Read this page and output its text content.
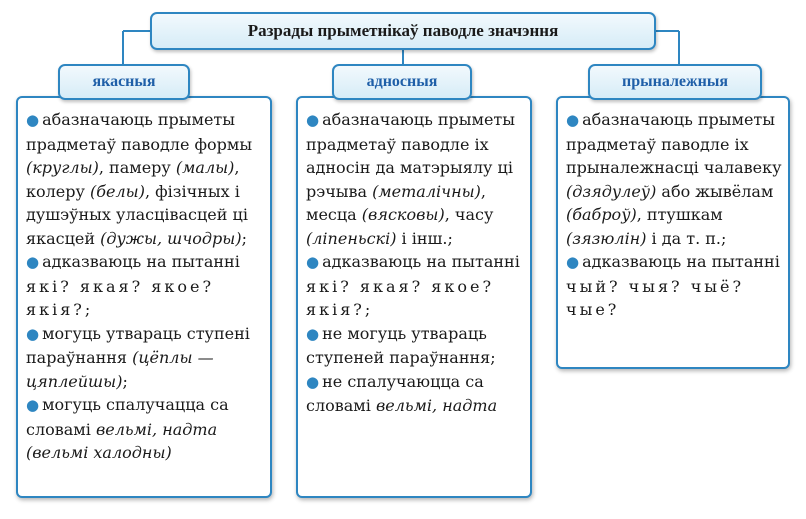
Разрады прыметнікаў паводле значэння
якасныя

● абазначаюць прыметы прадметаў паводле формы (круглы), памеру (малы), колеру (белы), фізічных і душэўных уласцівасцей ці якасцей (дужы, шчодры);

● адказваюць на пытанні які? якая? якое? якія?;

● могуць утвараць ступені параўнання (цёплы — цяплейшы);

● могуць спалучацца са словамі вельмі, надта (вельмі халодны)

адносныя

● абазначаюць прыметы прадметаў паводле іх адносін да матэрыялу ці рэчыва (металічны), месца (вясковы), часу (ліпеньскі) і інш.;

● адказваюць на пытанні які? якая? якое? якія?;

● не могуць утвараць ступеней параўнання;

● не спалучаюцца са словамі вельмі, надта

прыналежныя

● абазначаюць прыметы прадметаў паводле іх прыналежнасці чалавеку (дзядулеў) або жывёлам (баброў), птушкам (зязюлін) і да т. п.;

● адказваюць на пытанні чый? чыя? чыё? чые?
